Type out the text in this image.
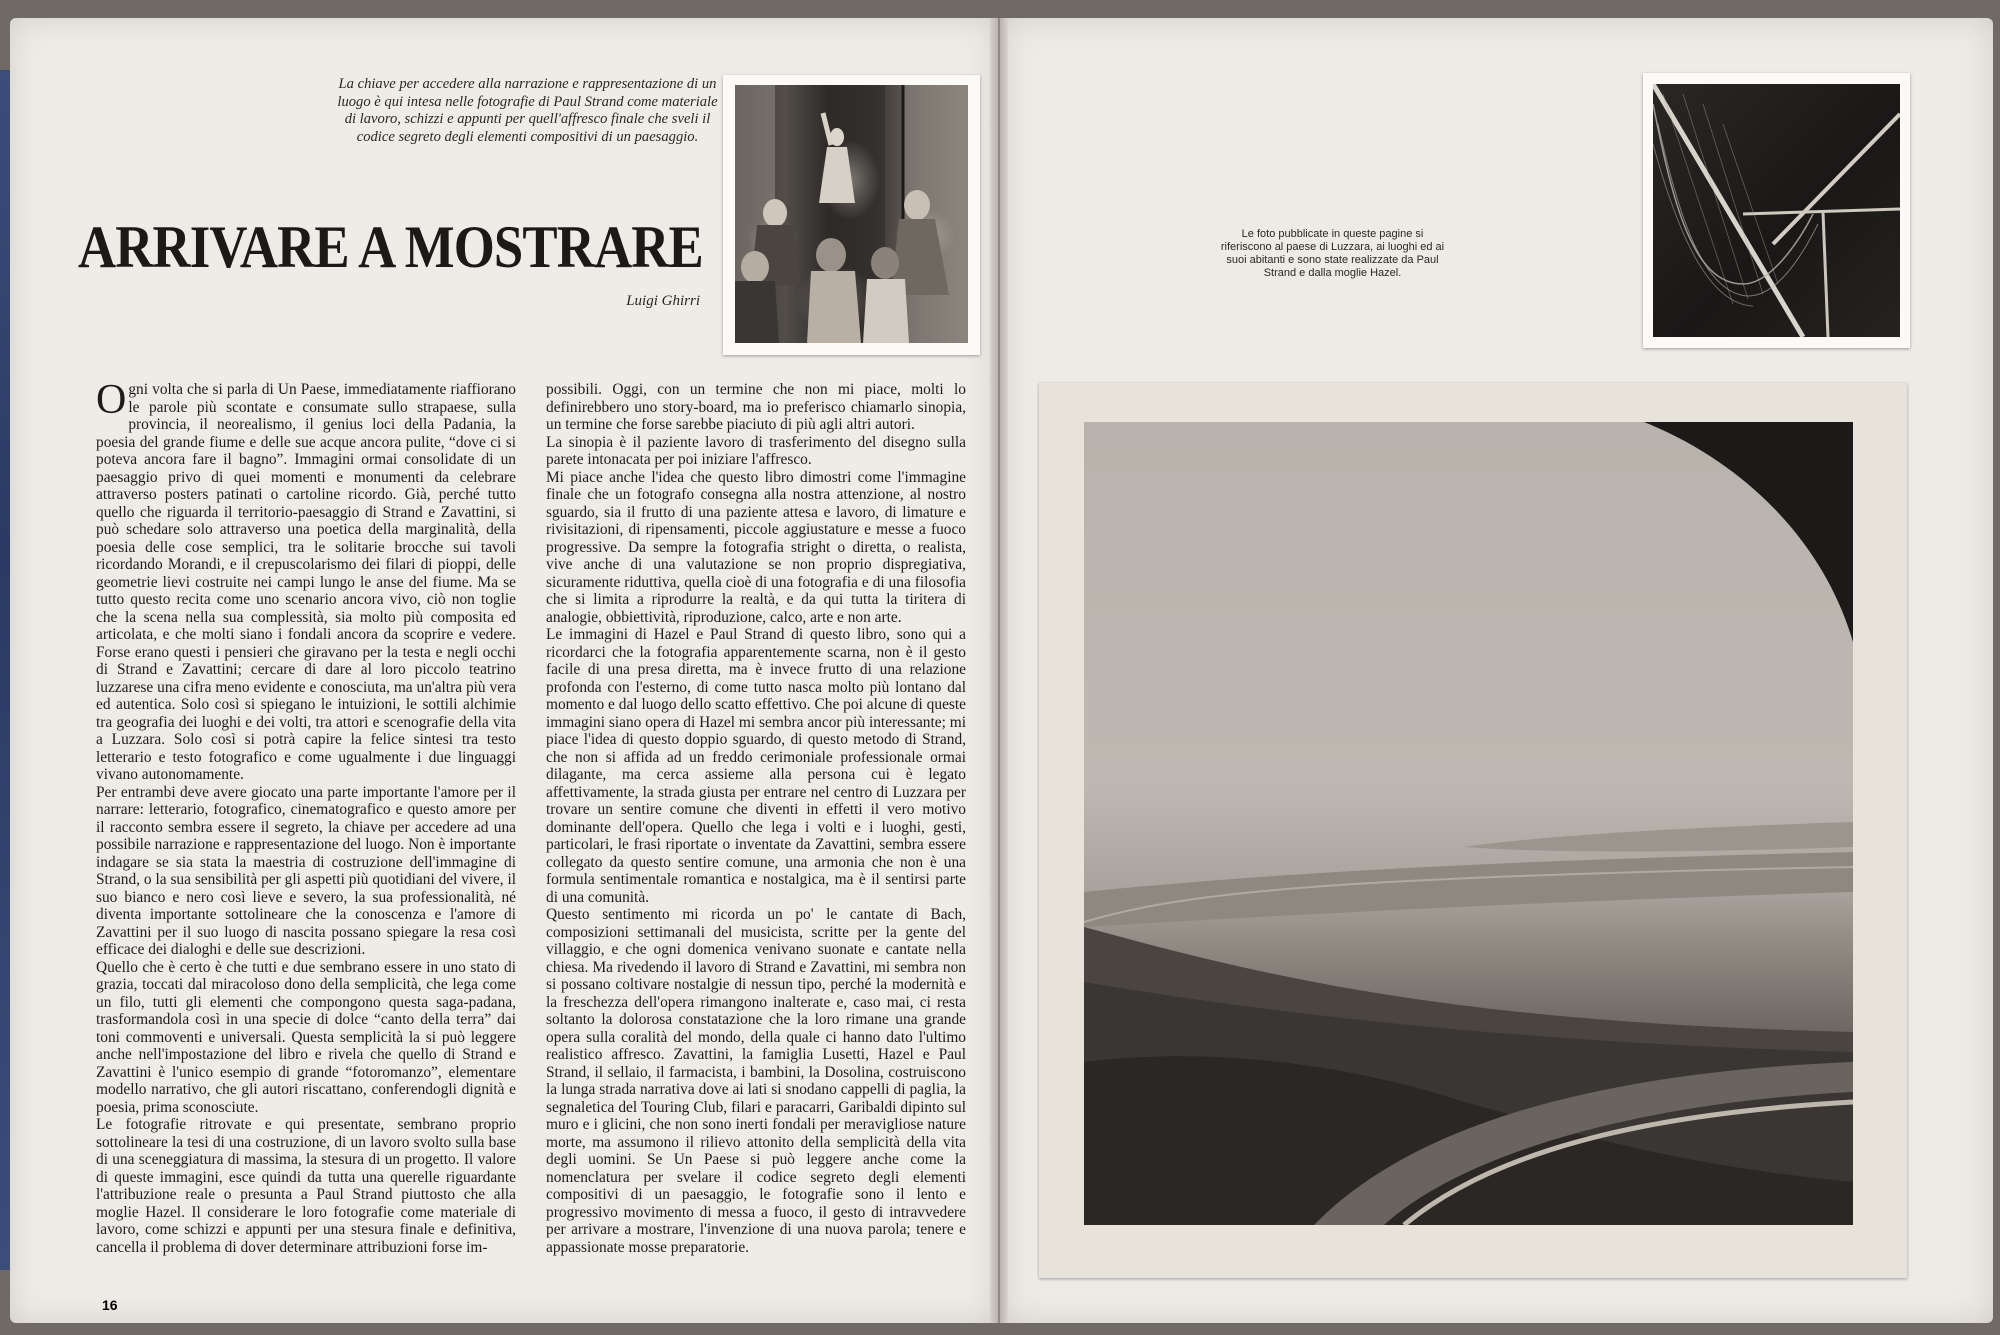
La chiave per accedere alla narrazione e rappresentazione di un luogo è qui intesa nelle fotografie di Paul Strand come materiale di lavoro, schizzi e appunti per quell'affresco finale che sveli il codice segreto degli elementi compositivi di un paesaggio.
ARRIVARE A MOSTRARE
Luigi Ghirri
O gni volta che si parla di Un Paese, immediatamente riaffiorano le parole più scontate e consumate sullo strapaese, sulla provincia, il neorealismo, il genius loci della Padania, la poesia del grande fiume e delle sue acque ancora pulite, “dove ci si poteva ancora fare il bagno”. Immagini ormai consolidate di un paesaggio privo di quei momenti e monumenti da celebrare attraverso posters patinati o cartoline ricordo. Già, perché tutto quello che riguarda il territorio-paesaggio di Strand e Zavattini, si può schedare solo attraverso una poetica della marginalità, della poesia delle cose semplici, tra le solitarie brocche sui tavoli ricordando Morandi, e il crepuscolarismo dei filari di pioppi, delle geometrie lievi costruite nei campi lungo le anse del fiume. Ma se tutto questo recita come uno scenario ancora vivo, ciò non toglie che la scena nella sua complessità, sia molto più composita ed articolata, e che molti siano i fondali ancora da scoprire e vedere. Forse erano questi i pensieri che giravano per la testa e negli occhi di Strand e Zavattini; cercare di dare al loro piccolo teatrino luzzarese una cifra meno evidente e conosciuta, ma un'altra più vera ed autentica. Solo così si spiegano le intuizioni, le sottili alchimie tra geografia dei luoghi e dei volti, tra attori e scenografie della vita a Luzzara. Solo così si potrà capire la felice sintesi tra testo letterario e testo fotografico e come ugualmente i due linguaggi vivano autonomamente.

Per entrambi deve avere giocato una parte importante l'amore per il narrare: letterario, fotografico, cinematografico e questo amore per il racconto sembra essere il segreto, la chiave per accedere ad una possibile narrazione e rappresentazione del luogo. Non è importante indagare se sia stata la maestria di costruzione dell'immagine di Strand, o la sua sensibilità per gli aspetti più quotidiani del vivere, il suo bianco e nero così lieve e severo, la sua professionalità, né diventa importante sottolineare che la conoscenza e l'amore di Zavattini per il suo luogo di nascita possano spiegare la resa così efficace dei dialoghi e delle sue descrizioni.

Quello che è certo è che tutti e due sembrano essere in uno stato di grazia, toccati dal miracoloso dono della semplicità, che lega come un filo, tutti gli elementi che compongono questa saga-padana, trasformandola così in una specie di dolce “canto della terra” dai toni commoventi e universali. Questa semplicità la si può leggere anche nell'impostazione del libro e rivela che quello di Strand e Zavattini è l'unico esempio di grande “fotoromanzo”, elementare modello narrativo, che gli autori riscattano, conferendogli dignità e poesia, prima sconosciute.

Le fotografie ritrovate e qui presentate, sembrano proprio sottolineare la tesi di una costruzione, di un lavoro svolto sulla base di una sceneggiatura di massima, la stesura di un progetto. Il valore di queste immagini, esce quindi da tutta una querelle riguardante l'attribuzione reale o presunta a Paul Strand piuttosto che alla moglie Hazel. Il considerare le loro fotografie come materiale di lavoro, come schizzi e appunti per una stesura finale e definitiva, cancella il problema di dover determinare attribuzioni forse im-

possibili. Oggi, con un termine che non mi piace, molti lo definirebbero uno story-board, ma io preferisco chiamarlo sinopia, un termine che forse sarebbe piaciuto di più agli altri autori.

La sinopia è il paziente lavoro di trasferimento del disegno sulla parete intonacata per poi iniziare l'affresco.

Mi piace anche l'idea che questo libro dimostri come l'immagine finale che un fotografo consegna alla nostra attenzione, al nostro sguardo, sia il frutto di una paziente attesa e lavoro, di limature e rivisitazioni, di ripensamenti, piccole aggiustature e messe a fuoco progressive. Da sempre la fotografia stright o diretta, o realista, vive anche di una valutazione se non proprio dispregiativa, sicuramente riduttiva, quella cioè di una fotografia e di una filosofia che si limita a riprodurre la realtà, e da qui tutta la tiritera di analogie, obbiettività, riproduzione, calco, arte e non arte.

Le immagini di Hazel e Paul Strand di questo libro, sono qui a ricordarci che la fotografia apparentemente scarna, non è il gesto facile di una presa diretta, ma è invece frutto di una relazione profonda con l'esterno, di come tutto nasca molto più lontano dal momento e dal luogo dello scatto effettivo. Che poi alcune di queste immagini siano opera di Hazel mi sembra ancor più interessante; mi piace l'idea di questo doppio sguardo, di questo metodo di Strand, che non si affida ad un freddo cerimoniale professionale ormai dilagante, ma cerca assieme alla persona cui è legato affettivamente, la strada giusta per entrare nel centro di Luzzara per trovare un sentire comune che diventi in effetti il vero motivo dominante dell'opera. Quello che lega i volti e i luoghi, gesti, particolari, le frasi riportate o inventate da Zavattini, sembra essere collegato da questo sentire comune, una armonia che non è una formula sentimentale romantica e nostalgica, ma è il sentirsi parte di una comunità.

Questo sentimento mi ricorda un po' le cantate di Bach, composizioni settimanali del musicista, scritte per la gente del villaggio, e che ogni domenica venivano suonate e cantate nella chiesa. Ma rivedendo il lavoro di Strand e Zavattini, mi sembra non si possano coltivare nostalgie di nessun tipo, perché la modernità e la freschezza dell'opera rimangono inalterate e, caso mai, ci resta soltanto la dolorosa constatazione che la loro rimane una grande opera sulla coralità del mondo, della quale ci hanno dato l'ultimo realistico affresco. Zavattini, la famiglia Lusetti, Hazel e Paul Strand, il sellaio, il farmacista, i bambini, la Dosolina, costruiscono la lunga strada narrativa dove ai lati si snodano cappelli di paglia, la segnaletica del Touring Club, filari e paracarri, Garibaldi dipinto sul muro e i glicini, che non sono inerti fondali per meravigliose nature morte, ma assumono il rilievo attonito della semplicità della vita degli uomini. Se Un Paese si può leggere anche come la nomenclatura per svelare il codice segreto degli elementi compositivi di un paesaggio, le fotografie sono il lento e progressivo movimento di messa a fuoco, il gesto di intravvedere per arrivare a mostrare, l'invenzione di una nuova parola; tenere e appassionate mosse preparatorie.

16
Le foto pubblicate in queste pagine si riferiscono al paese di Luzzara, ai luoghi ed ai suoi abitanti e sono state realizzate da Paul Strand e dalla moglie Hazel.
